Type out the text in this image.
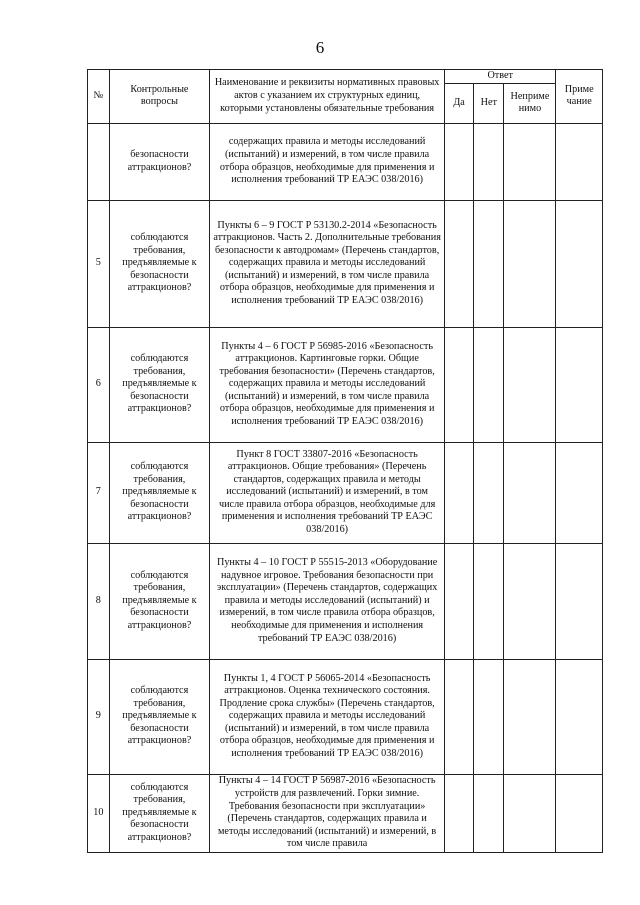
6
№	Контрольные вопросы	Наименование и реквизиты нормативных правовых актов с указанием их структурных единиц, которыми установлены обязательные требования	Ответ			Приме чание
			Да	Нет	Неприме нимо	
	безопасности аттракционов?	содержащих правила и методы исследований (испытаний) и измерений, в том числе правила отбора образцов, необходимые для применения и исполнения требований ТР ЕАЭС 038/2016)				
5	соблюдаются требования, предъявляемые к безопасности аттракционов?	Пункты 6 – 9 ГОСТ Р 53130.2-2014 «Безопасность аттракционов. Часть 2. Дополнительные требования безопасности к автодромам» (Перечень стандартов, содержащих правила и методы исследований (испытаний) и измерений, в том числе правила отбора образцов, необходимые для применения и исполнения требований ТР ЕАЭС 038/2016)				
6	соблюдаются требования, предъявляемые к безопасности аттракционов?	Пункты 4 – 6 ГОСТ Р 56985-2016 «Безопасность аттракционов. Картинговые горки. Общие требования безопасности» (Перечень стандартов, содержащих правила и методы исследований (испытаний) и измерений, в том числе правила отбора образцов, необходимые для применения и исполнения требований ТР ЕАЭС 038/2016)				
7	соблюдаются требования, предъявляемые к безопасности аттракционов?	Пункт 8 ГОСТ 33807-2016 «Безопасность аттракционов. Общие требования» (Перечень стандартов, содержащих правила и методы исследований (испытаний) и измерений, в том числе правила отбора образцов, необходимые для применения и исполнения требований ТР ЕАЭС 038/2016)				
8	соблюдаются требования, предъявляемые к безопасности аттракционов?	Пункты 4 – 10 ГОСТ Р 55515-2013 «Оборудование надувное игровое. Требования безопасности при эксплуатации» (Перечень стандартов, содержащих правила и методы исследований (испытаний) и измерений, в том числе правила отбора образцов, необходимые для применения и исполнения требований ТР ЕАЭС 038/2016)				
9	соблюдаются требования, предъявляемые к безопасности аттракционов?	Пункты 1, 4 ГОСТ Р 56065-2014 «Безопасность аттракционов. Оценка технического состояния. Продление срока службы» (Перечень стандартов, содержащих правила и методы исследований (испытаний) и измерений, в том числе правила отбора образцов, необходимые для применения и исполнения требований ТР ЕАЭС 038/2016)				
10	соблюдаются требования, предъявляемые к безопасности аттракционов?	Пункты 4 – 14 ГОСТ Р 56987-2016 «Безопасность устройств для развлечений. Горки зимние. Требования безопасности при эксплуатации» (Перечень стандартов, содержащих правила и методы исследований (испытаний) и измерений, в том числе правила				
